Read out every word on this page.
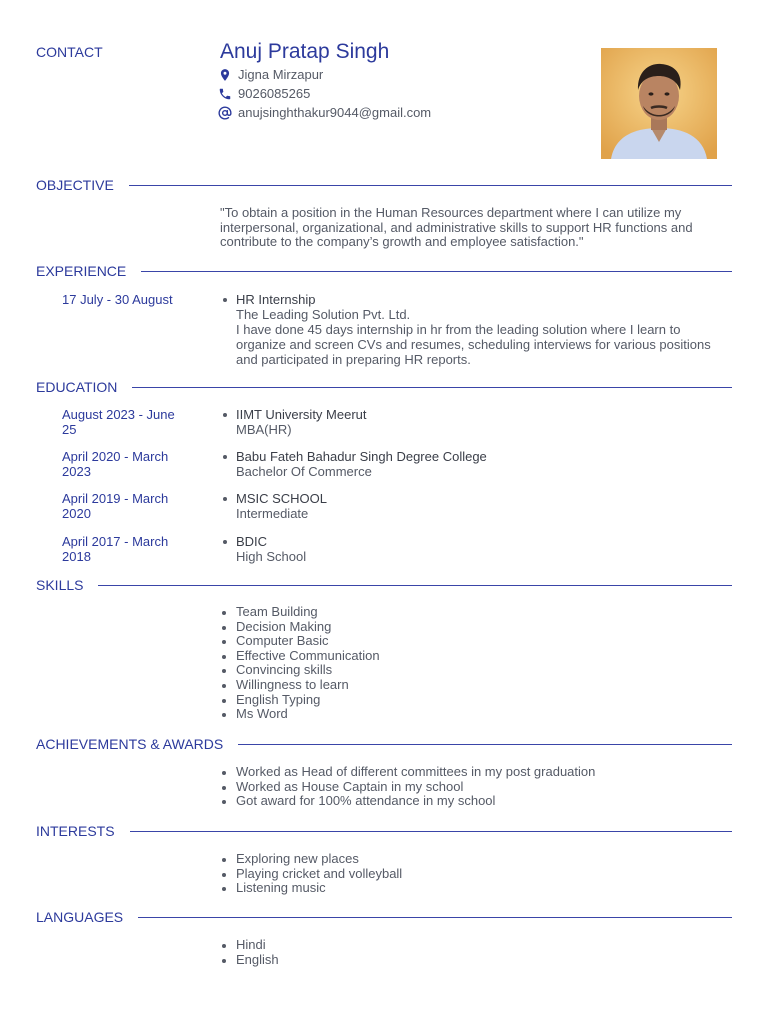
CONTACT	Anuj Pratap Singh
Jigna Mirzapur
9026085265
anujsinghthakur9044@gmail.com
OBJECTIVE
"To obtain a position in the Human Resources department where I can utilize my interpersonal, organizational, and administrative skills to support HR functions and contribute to the company’s growth and employee satisfaction."
EXPERIENCE
17 July - 30 August	HR Internship
The Leading Solution Pvt. Ltd.
I have done 45 days internship in hr from the leading solution where I learn to organize and screen CVs and resumes, scheduling interviews for various positions and participated in preparing HR reports.
EDUCATION
August 2023 - June 25
IIMT University Meerut
MBA(HR)
April 2020 - March 2023
Babu Fateh Bahadur Singh Degree College
Bachelor Of Commerce
April 2019 - March 2020
MSIC SCHOOL
Intermediate
April 2017 - March 2018
BDIC
High School
SKILLS
Team Building
Decision Making
Computer Basic
Effective Communication
Convincing skills
Willingness to learn
English Typing
Ms Word
ACHIEVEMENTS & AWARDS
Worked as Head of different committees in my post graduation
Worked as House Captain in my school
Got award for 100% attendance in my school
INTERESTS
Exploring new places
Playing cricket and volleyball
Listening music
LANGUAGES
Hindi
English
